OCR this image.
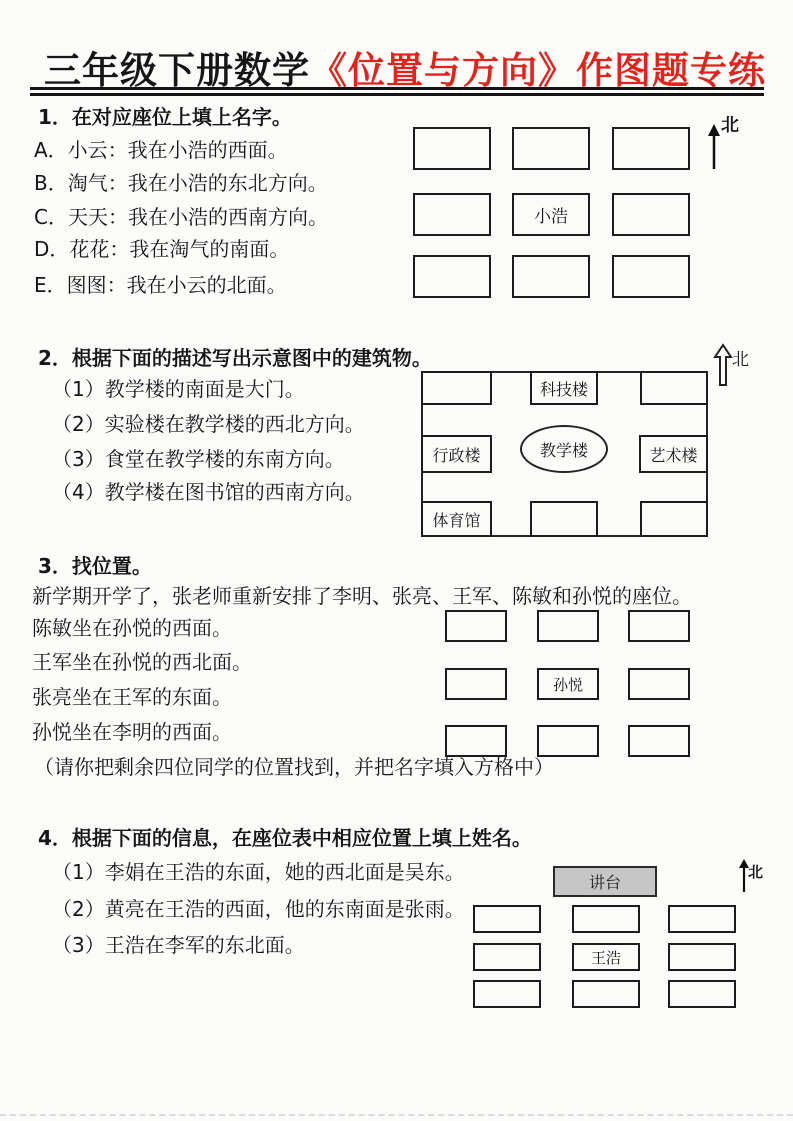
三年级下册数学《位置与方向》作图题专练
1．在对应座位上填上名字。
A．小云：我在小浩的西面。
B．淘气：我在小浩的东北方向。
C．天天：我在小浩的西南方向。
D．花花：我在淘气的南面。
E．图图：我在小云的北面。
小浩
北
2．根据下面的描述写出示意图中的建筑物。
（1）教学楼的南面是大门。
（2）实验楼在教学楼的西北方向。
（3）食堂在教学楼的东南方向。
（4）教学楼在图书馆的西南方向。
科技楼
行政楼	教学楼	艺术楼
体育馆
北
3．找位置。
新学期开学了，张老师重新安排了李明、张亮、王军、陈敏和孙悦的座位。
陈敏坐在孙悦的西面。
王军坐在孙悦的西北面。
张亮坐在王军的东面。
孙悦坐在李明的西面。
（请你把剩余四位同学的位置找到，并把名字填入方格中）
孙悦
4．根据下面的信息，在座位表中相应位置上填上姓名。
（1）李娟在王浩的东面，她的西北面是吴东。
（2）黄亮在王浩的西面，他的东南面是张雨。
（3）王浩在李军的东北面。
讲台
北
王浩
